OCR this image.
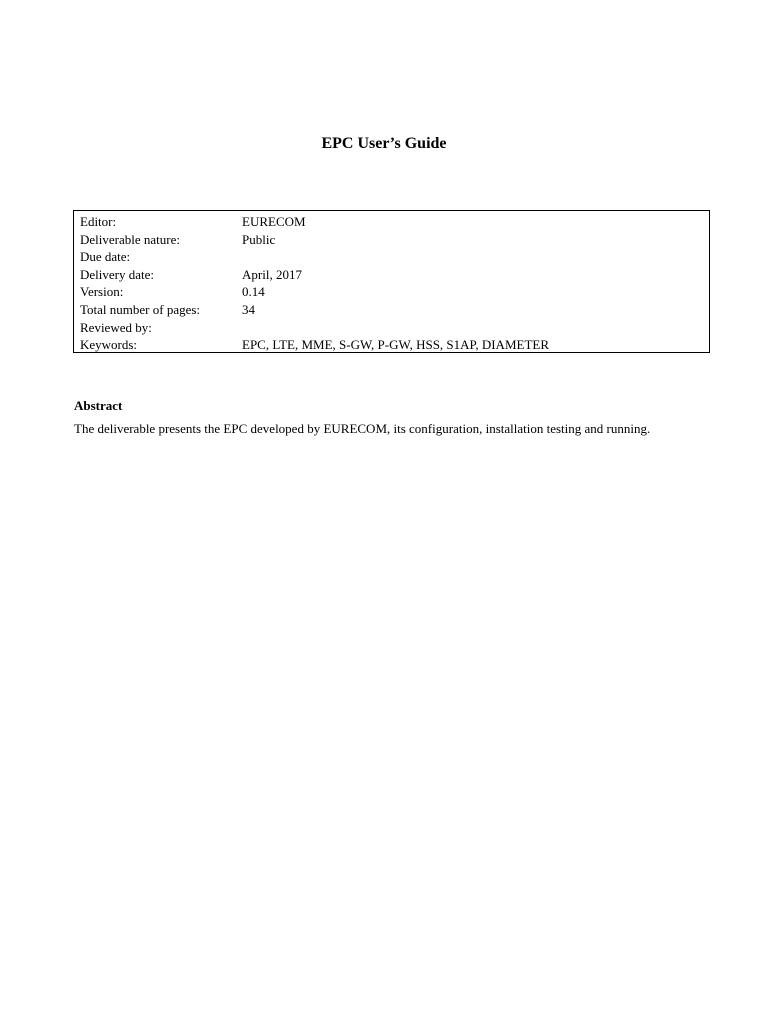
EPC User’s Guide
Editor:	EURECOM
Deliverable nature:	Public
Due date:
Delivery date:	April, 2017
Version:	0.14
Total number of pages:	34
Reviewed by:
Keywords:	EPC, LTE, MME, S-GW, P-GW, HSS, S1AP, DIAMETER
Abstract
The deliverable presents the EPC developed by EURECOM, its configuration, installation testing and running.
